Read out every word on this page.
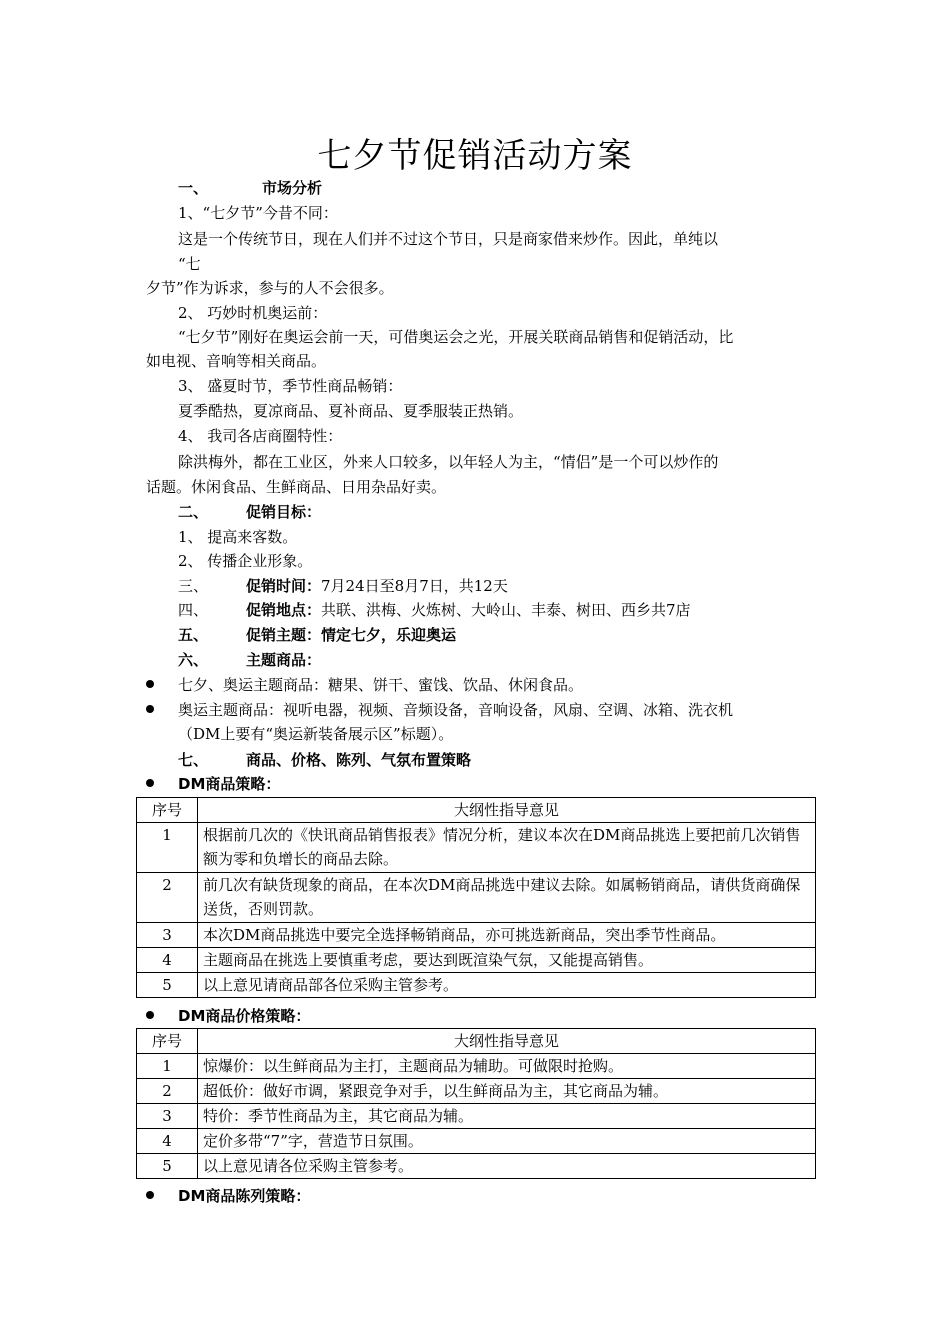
七夕节促销活动方案
一、	市场分析
1、“七夕节”今昔不同：
这是一个传统节日，现在人们并不过这个节日，只是商家借来炒作。因此，单纯以
“七
夕节”作为诉求，参与的人不会很多。
2、 巧妙时机奥运前：
“七夕节”刚好在奥运会前一天，可借奥运会之光，开展关联商品销售和促销活动，比
如电视、音响等相关商品。
3、 盛夏时节，季节性商品畅销：
夏季酷热，夏凉商品、夏补商品、夏季服装正热销。
4、 我司各店商圈特性：
除洪梅外，都在工业区，外来人口较多，以年轻人为主，“情侣”是一个可以炒作的
话题。休闲食品、生鲜商品、日用杂品好卖。
二、	促销目标：
1、 提高来客数。
2、 传播企业形象。
三、	促销时间：7月24日至8月7日，共12天
四、	促销地点：共联、洪梅、火炼树、大岭山、丰泰、树田、西乡共7店
五、	促销主题：情定七夕，乐迎奥运
六、	主题商品：
七夕、奥运主题商品：糖果、饼干、蜜饯、饮品、休闲食品。
奥运主题商品：视听电器，视频、音频设备，音响设备，风扇、空调、冰箱、洗衣机
（DM上要有“奥运新装备展示区”标题）。
七、	商品、价格、陈列、气氛布置策略
DM商品策略：
序号	大纲性指导意见
1	根据前几次的《快讯商品销售报表》情况分析，建议本次在DM商品挑选上要把前几次销售额为零和负增长的商品去除。
2	前几次有缺货现象的商品，在本次DM商品挑选中建议去除。如属畅销商品，请供货商确保送货，否则罚款。
3	本次DM商品挑选中要完全选择畅销商品，亦可挑选新商品，突出季节性商品。
4	主题商品在挑选上要慎重考虑，要达到既渲染气氛，又能提高销售。
5	以上意见请商品部各位采购主管参考。
DM商品价格策略：
序号	大纲性指导意见
1	惊爆价：以生鲜商品为主打，主题商品为辅助。可做限时抢购。
2	超低价：做好市调，紧跟竞争对手，以生鲜商品为主，其它商品为辅。
3	特价：季节性商品为主，其它商品为辅。
4	定价多带“7”字，营造节日氛围。
5	以上意见请各位采购主管参考。
DM商品陈列策略：
